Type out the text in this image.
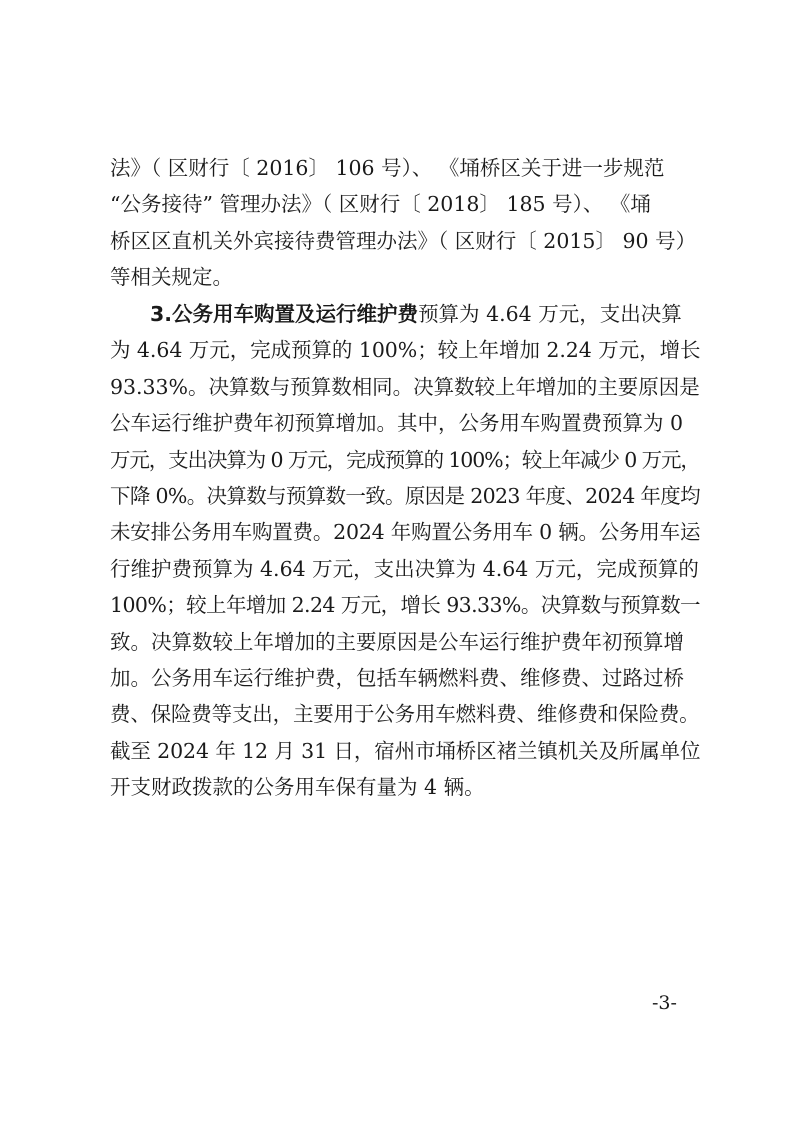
法》（ 区财行〔 2016〕 106 号）、 《埇桥区关于进一步规范
“公务接待” 管理办法》（ 区财行〔 2018〕 185 号）、 《埇
桥区区直机关外宾接待费管理办法》（ 区财行〔 2015〕 90 号）
等相关规定。
3.公务用车购置及运行维护费预算为 4.64 万元，支出决算
为 4.64 万元，完成预算的 100%；较上年增加 2.24 万元，增长
93.33%。决算数与预算数相同。决算数较上年增加的主要原因是
公车运行维护费年初预算增加。其中，公务用车购置费预算为 0
万元，支出决算为 0 万元，完成预算的 100%；较上年减少 0 万元，
下降 0%。决算数与预算数一致。原因是 2023 年度、2024 年度均
未安排公务用车购置费。2024 年购置公务用车 0 辆。公务用车运
行维护费预算为 4.64 万元，支出决算为 4.64 万元，完成预算的
100%；较上年增加 2.24 万元，增长 93.33%。决算数与预算数一
致。决算数较上年增加的主要原因是公车运行维护费年初预算增
加。公务用车运行维护费，包括车辆燃料费、维修费、过路过桥
费、保险费等支出，主要用于公务用车燃料费、维修费和保险费。
截至 2024 年 12 月 31 日，宿州市埇桥区褚兰镇机关及所属单位
开支财政拨款的公务用车保有量为 4 辆。
-3-
